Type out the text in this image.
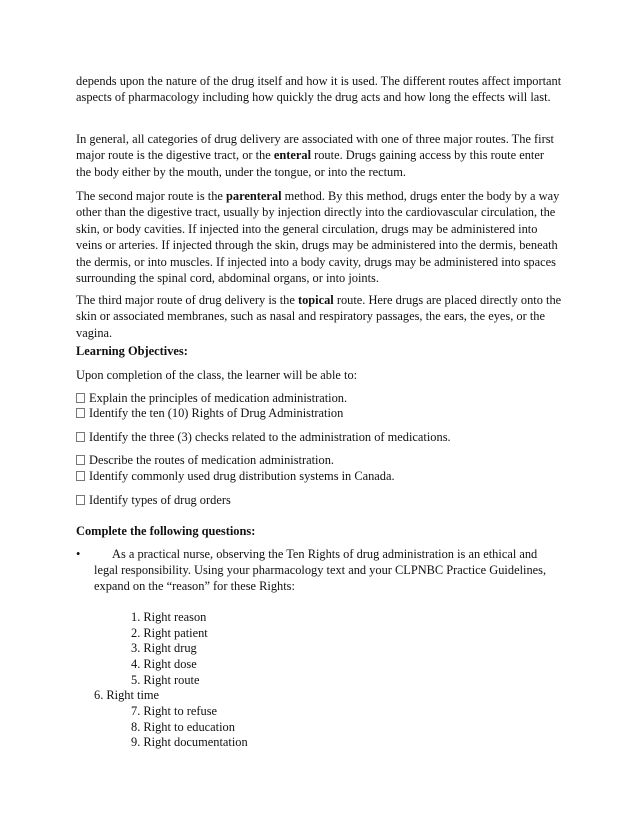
depends upon the nature of the drug itself and how it is used. The different routes affect important aspects of pharmacology including how quickly the drug acts and how long the effects will last.
In general, all categories of drug delivery are associated with one of three major routes. The first major route is the digestive tract, or the enteral route. Drugs gaining access by this route enter the body either by the mouth, under the tongue, or into the rectum.
The second major route is the parenteral method. By this method, drugs enter the body by a way other than the digestive tract, usually by injection directly into the cardiovascular circulation, the skin, or body cavities. If injected into the general circulation, drugs may be administered into veins or arteries. If injected through the skin, drugs may be administered into the dermis, beneath the dermis, or into muscles. If injected into a body cavity, drugs may be administered into spaces surrounding the spinal cord, abdominal organs, or into joints.
The third major route of drug delivery is the topical route. Here drugs are placed directly onto the skin or associated membranes, such as nasal and respiratory passages, the ears, the eyes, or the vagina.
Learning Objectives:
Upon completion of the class, the learner will be able to:
Explain the principles of medication administration.
Identify the ten (10) Rights of Drug Administration
Identify the three (3) checks related to the administration of medications.
Describe the routes of medication administration.
Identify commonly used drug distribution systems in Canada.
Identify types of drug orders
Complete the following questions:
•	As a practical nurse, observing the Ten Rights of drug administration is an ethical and
legal responsibility. Using your pharmacology text and your CLPNBC Practice Guidelines,
expand on the “reason” for these Rights:
1. Right reason
2. Right patient
3. Right drug
4. Right dose
5. Right route
6. Right time
7. Right to refuse
8. Right to education
9. Right documentation
